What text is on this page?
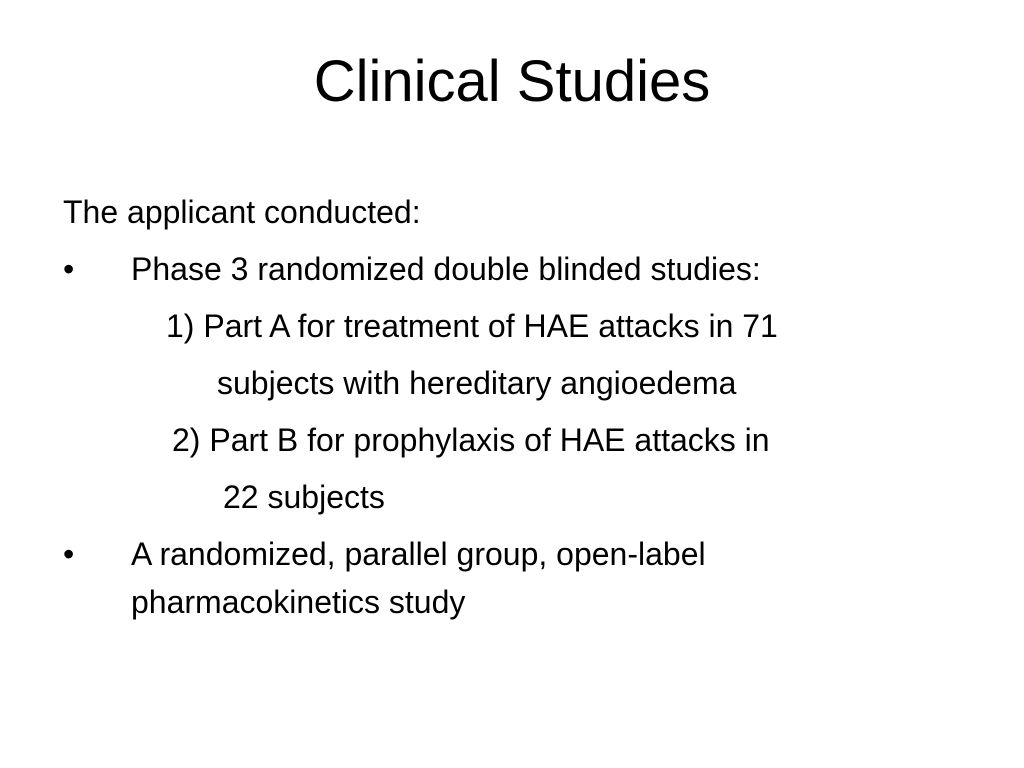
Clinical Studies
The applicant conducted:
• Phase 3 randomized double blinded studies:
1) Part A for treatment of HAE attacks in 71
subjects with hereditary angioedema
2) Part B for prophylaxis of HAE attacks in
22 subjects
• A randomized, parallel group, open-label
pharmacokinetics study
